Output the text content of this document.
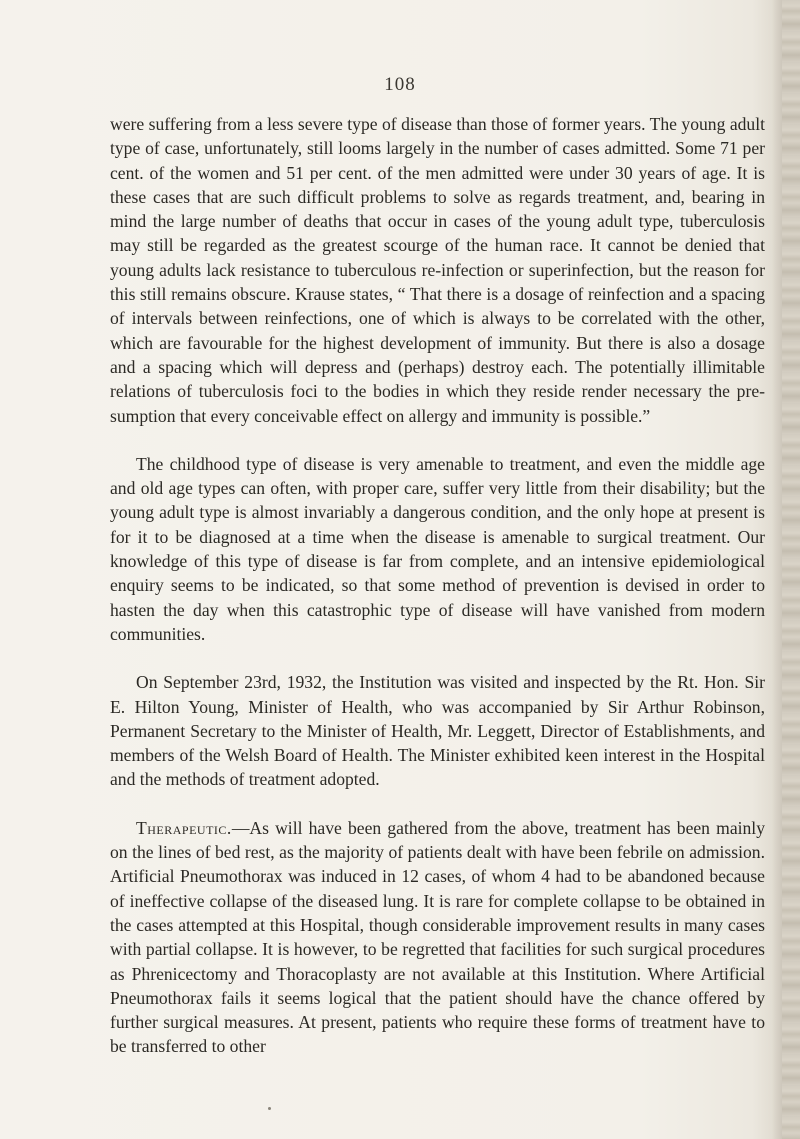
108

were suffering from a less severe type of disease than those of former years. The young adult type of case, unfortunately, still looms largely in the number of cases admitted. Some 71 per cent. of the women and 51 per cent. of the men admitted were under 30 years of age. It is these cases that are such difficult problems to solve as regards treatment, and, bearing in mind the large number of deaths that occur in cases of the young adult type, tuberculosis may still be regarded as the greatest scourge of the human race. It cannot be denied that young adults lack resistance to tuberculous re-infection or superinfection, but the reason for this still remains obscure. Krause states, “ That there is a dosage of reinfection and a spacing of intervals between reinfections, one of which is always to be correlated with the other, which are favourable for the highest development of immunity. But there is also a dosage and a spacing which will depress and (perhaps) destroy each. The potentially illimitable relations of tuberculosis foci to the bodies in which they reside render necessary the pre-sumption that every conceivable effect on allergy and immunity is possible.”

The childhood type of disease is very amenable to treatment, and even the middle age and old age types can often, with proper care, suffer very little from their disability; but the young adult type is almost invariably a dangerous condition, and the only hope at present is for it to be diagnosed at a time when the disease is amenable to surgical treatment. Our knowledge of this type of disease is far from complete, and an intensive epidemiological enquiry seems to be indicated, so that some method of prevention is devised in order to hasten the day when this catastrophic type of disease will have vanished from modern communities.

On September 23rd, 1932, the Institution was visited and inspected by the Rt. Hon. Sir E. Hilton Young, Minister of Health, who was accompanied by Sir Arthur Robinson, Permanent Secretary to the Minister of Health, Mr. Leggett, Director of Establishments, and members of the Welsh Board of Health. The Minister exhibited keen interest in the Hospital and the methods of treatment adopted.

Therapeutic.—As will have been gathered from the above, treatment has been mainly on the lines of bed rest, as the majority of patients dealt with have been febrile on admission. Artificial Pneumothorax was induced in 12 cases, of whom 4 had to be abandoned because of ineffective collapse of the diseased lung. It is rare for complete collapse to be obtained in the cases attempted at this Hospital, though considerable improvement results in many cases with partial collapse. It is however, to be regretted that facilities for such surgical procedures as Phrenicectomy and Thoracoplasty are not available at this Institution. Where Artificial Pneumothorax fails it seems logical that the patient should have the chance offered by further surgical measures. At present, patients who require these forms of treatment have to be transferred to other
